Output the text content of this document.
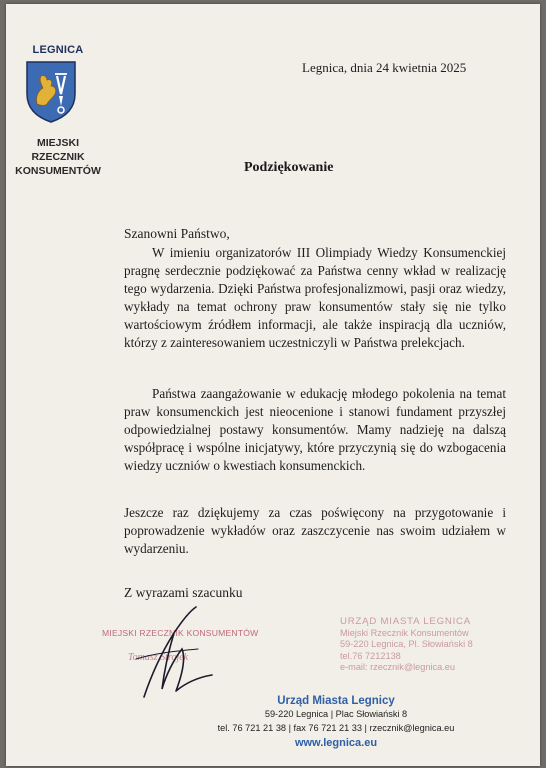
LEGNICA
MIEJSKI
RZECZNIK
KONSUMENTÓW
Legnica, dnia 24 kwietnia 2025
Podziękowanie
Szanowni Państwo,

W imieniu organizatorów III Olimpiady Wiedzy Konsumenckiej pragnę serdecznie podziękować za Państwa cenny wkład w realizację tego wydarzenia. Dzięki Państwa profesjonalizmowi, pasji oraz wiedzy, wykłady na temat ochrony praw konsumentów stały się nie tylko wartościowym źródłem informacji, ale także inspiracją dla uczniów, którzy z zainteresowaniem uczestniczyli w Państwa prelekcjach.

Państwa zaangażowanie w edukację młodego pokolenia na temat praw konsumenckich jest nieocenione i stanowi fundament przyszłej odpowiedzialnej postawy konsumentów. Mamy nadzieję na dalszą współpracę i wspólne inicjatywy, które przyczynią się do wzbogacenia wiedzy uczniów o kwestiach konsumenckich.

Jeszcze raz dziękujemy za czas poświęcony na przygotowanie i poprowadzenie wykładów oraz zaszczycenie nas swoim udziałem w wydarzeniu.

Z wyrazami szacunku
MIEJSKI RZECZNIK KONSUMENTÓW
Tomasz Strojek
URZĄD MIASTA LEGNICA
Miejski Rzecznik Konsumentów
59-220 Legnica, Pl. Słowiański 8
tel.76 7212138
e-mail: rzecznik@legnica.eu
Urząd Miasta Legnicy
59-220 Legnica | Plac Słowiański 8
tel. 76 721 21 38 | fax 76 721 21 33 | rzecznik@legnica.eu
www.legnica.eu
